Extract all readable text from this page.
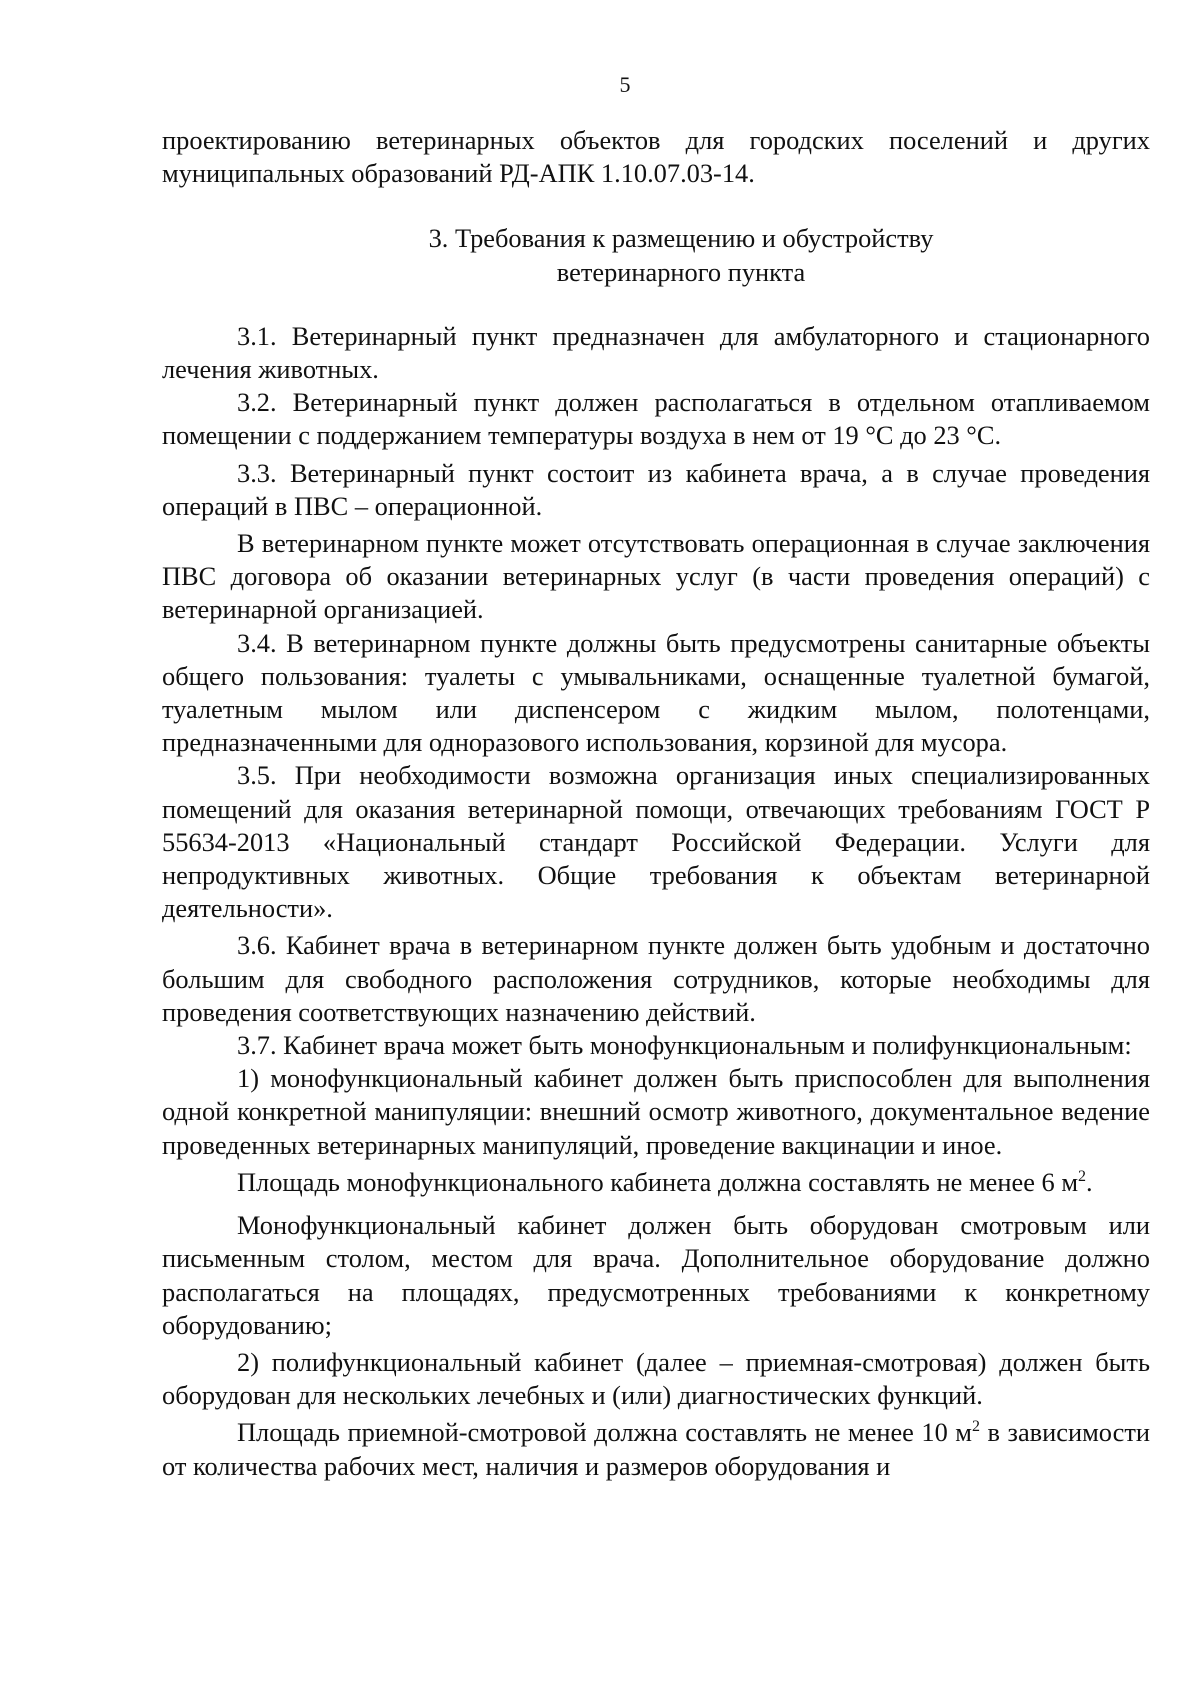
5

проектированию ветеринарных объектов для городских поселений и других муниципальных образований РД-АПК 1.10.07.03-14.

3. Требования к размещению и обустройству
ветеринарного пункта

3.1. Ветеринарный пункт предназначен для амбулаторного и стационарного лечения животных.

3.2. Ветеринарный пункт должен располагаться в отдельном отапливаемом помещении с поддержанием температуры воздуха в нем от 19 °С до 23 °С.

3.3. Ветеринарный пункт состоит из кабинета врача, а в случае проведения операций в ПВС – операционной.

В ветеринарном пункте может отсутствовать операционная в случае заключения ПВС договора об оказании ветеринарных услуг (в части проведения операций) с ветеринарной организацией.

3.4. В ветеринарном пункте должны быть предусмотрены санитарные объекты общего пользования: туалеты с умывальниками, оснащенные туалетной бумагой, туалетным мылом или диспенсером с жидким мылом, полотенцами, предназначенными для одноразового использования, корзиной для мусора.

3.5. При необходимости возможна организация иных специализированных помещений для оказания ветеринарной помощи, отвечающих требованиям ГОСТ Р 55634-2013 «Национальный стандарт Российской Федерации. Услуги для непродуктивных животных. Общие требования к объектам ветеринарной деятельности».

3.6. Кабинет врача в ветеринарном пункте должен быть удобным и достаточно большим для свободного расположения сотрудников, которые необходимы для проведения соответствующих назначению действий.

3.7. Кабинет врача может быть монофункциональным и полифункциональным:

1) монофункциональный кабинет должен быть приспособлен для выполнения одной конкретной манипуляции: внешний осмотр животного, документальное ведение проведенных ветеринарных манипуляций, проведение вакцинации и иное.

Площадь монофункционального кабинета должна составлять не менее 6 $м^2$.

Монофункциональный кабинет должен быть оборудован смотровым или письменным столом, местом для врача. Дополнительное оборудование должно располагаться на площадях, предусмотренных требованиями к конкретному оборудованию;

2) полифункциональный кабинет (далее – приемная-смотровая) должен быть оборудован для нескольких лечебных и (или) диагностических функций.

Площадь приемной-смотровой должна составлять не менее 10 $м^2$ в зависимости от количества рабочих мест, наличия и размеров оборудования и
